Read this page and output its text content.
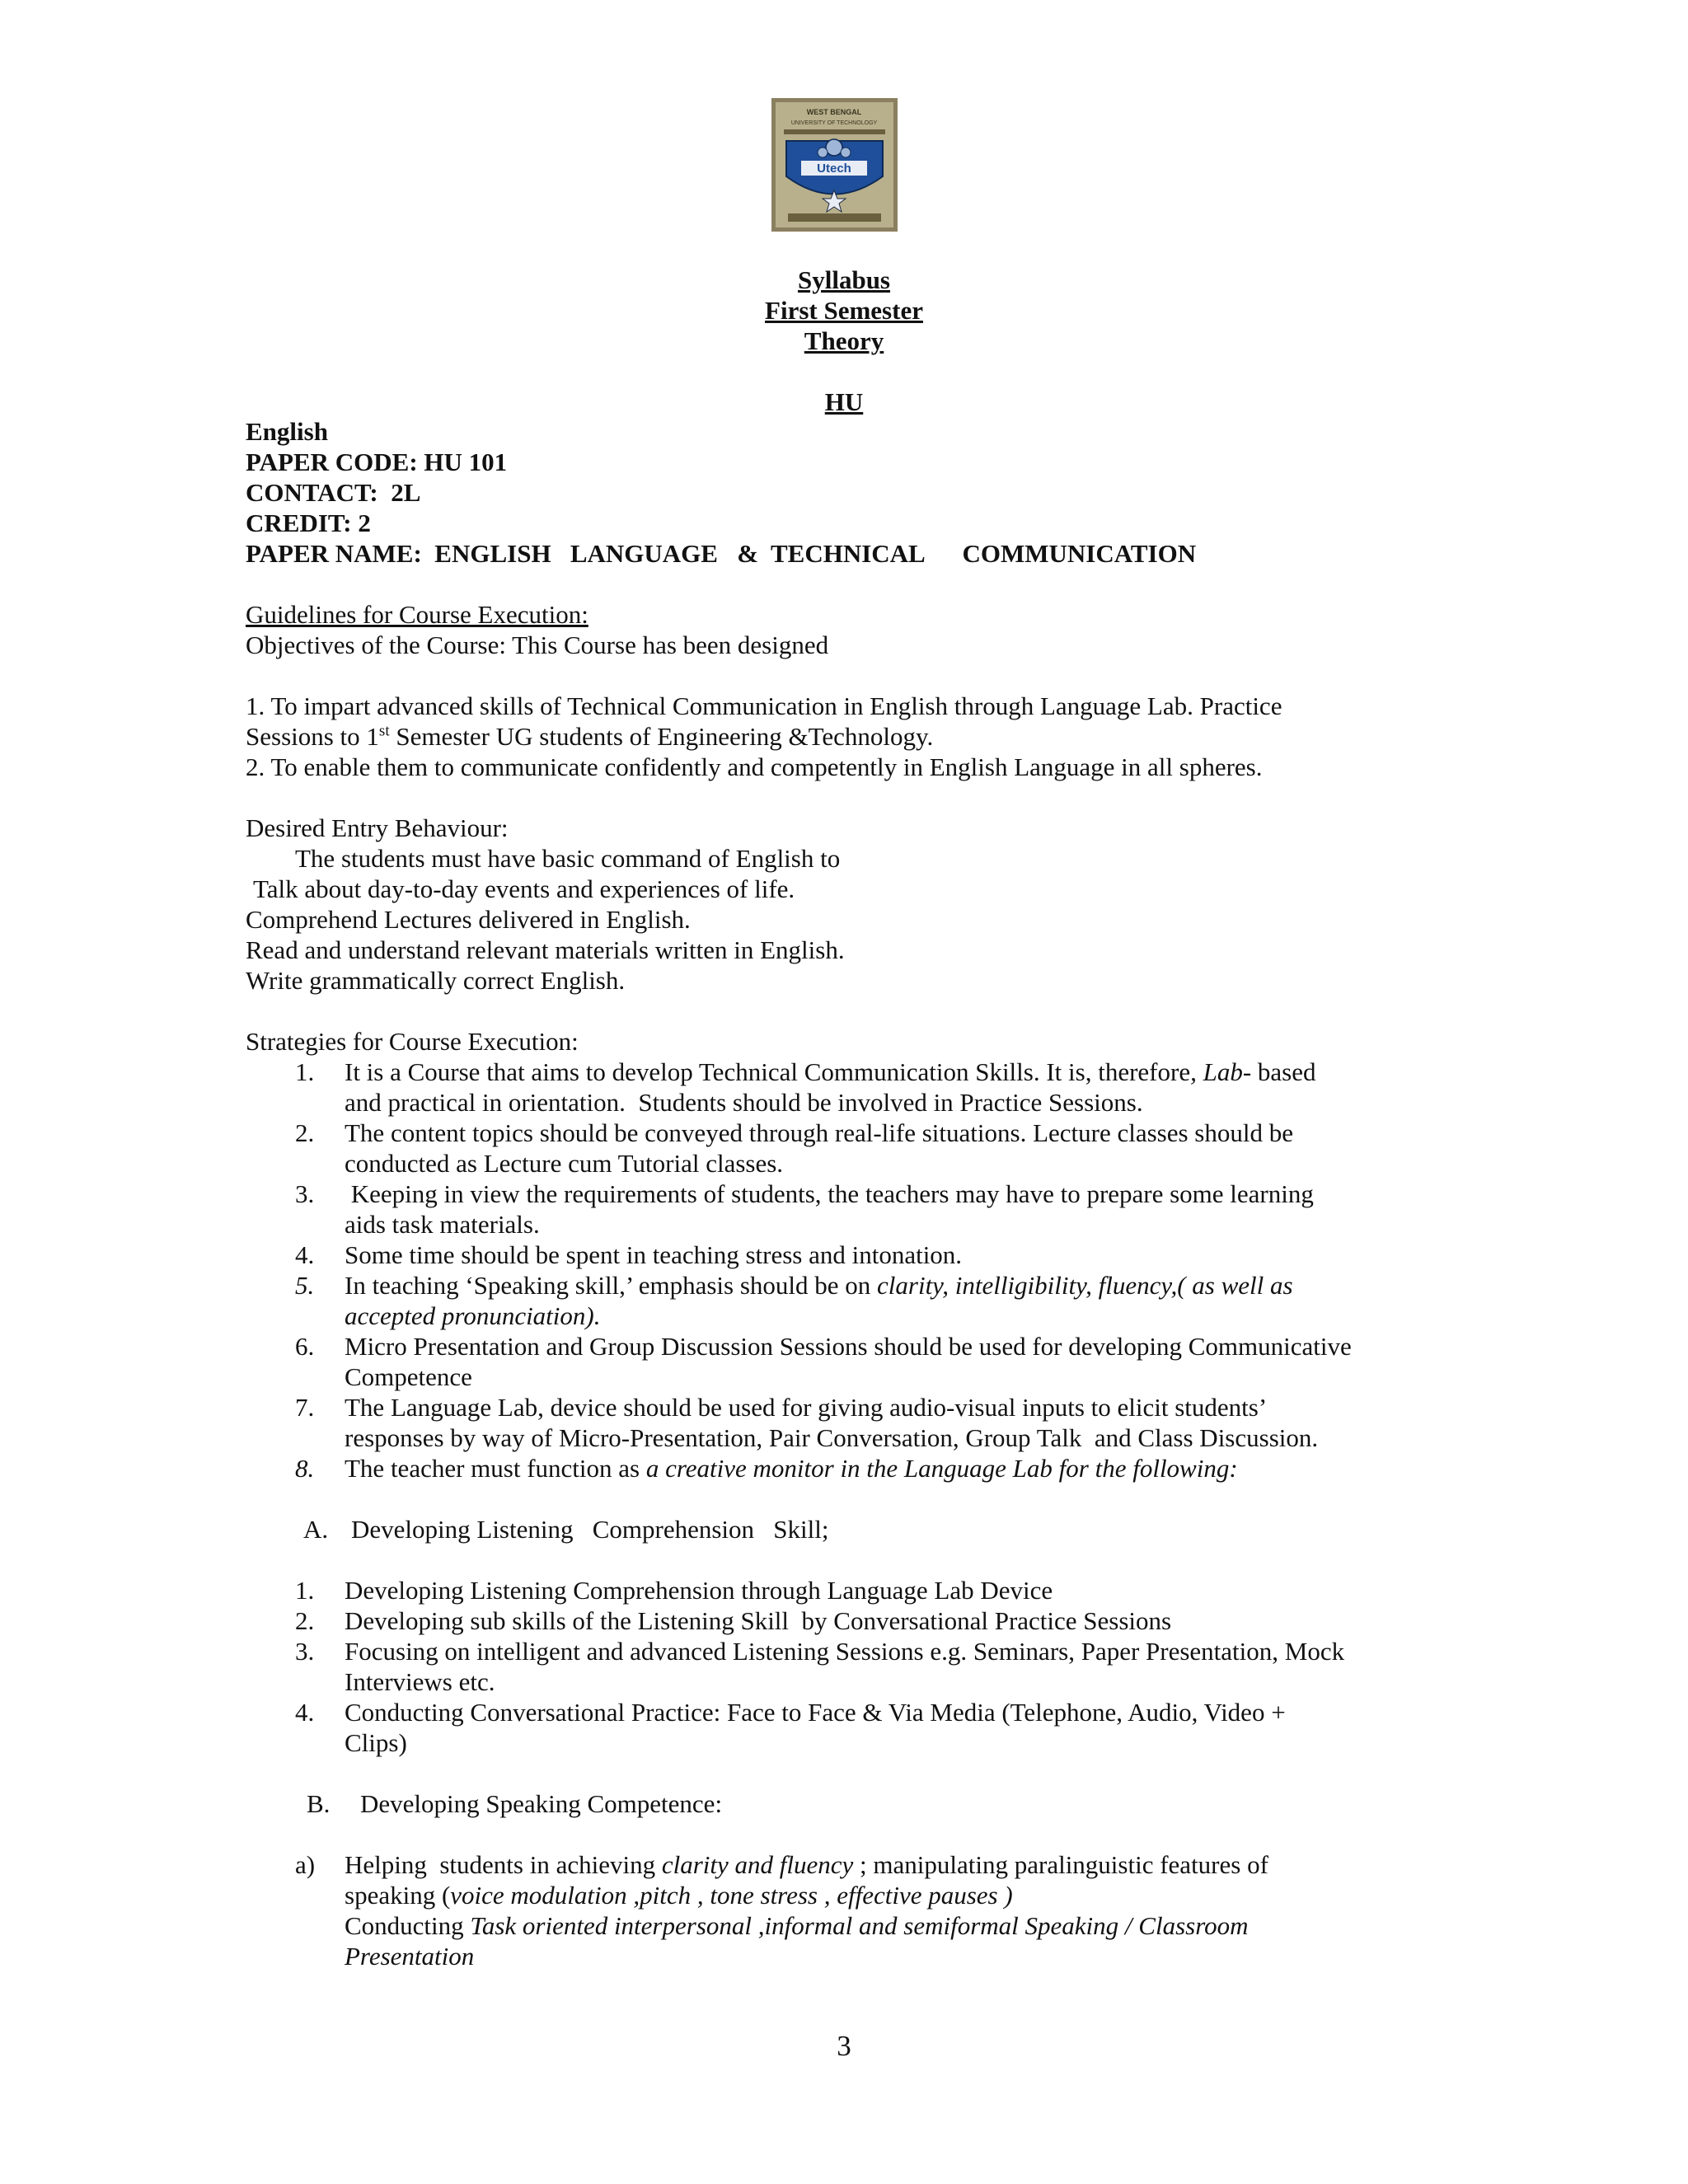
WEST BENGAL
UNIVERSITY OF TECHNOLOGY
Utech
Syllabus
First Semester
Theory
HU
English
PAPER CODE: HU 101
CONTACT:  2L
CREDIT: 2
PAPER NAME:  ENGLISH   LANGUAGE   &  TECHNICAL      COMMUNICATION
Guidelines for Course Execution:
Objectives of the Course: This Course has been designed
1. To impart advanced skills of Technical Communication in English through Language Lab. Practice
Sessions to 1st Semester UG students of Engineering &Technology.
2. To enable them to communicate confidently and competently in English Language in all spheres.
Desired Entry Behaviour:
The students must have basic command of English to
Talk about day-to-day events and experiences of life.
Comprehend Lectures delivered in English.
Read and understand relevant materials written in English.
Write grammatically correct English.
Strategies for Course Execution:
1. It is a Course that aims to develop Technical Communication Skills. It is, therefore, Lab- based
and practical in orientation.  Students should be involved in Practice Sessions.
2. The content topics should be conveyed through real-life situations. Lecture classes should be
conducted as Lecture cum Tutorial classes.
3. Keeping in view the requirements of students, the teachers may have to prepare some learning
aids task materials.
4. Some time should be spent in teaching stress and intonation.
5. In teaching ‘Speaking skill,’ emphasis should be on clarity, intelligibility, fluency,( as well as
accepted pronunciation).
6. Micro Presentation and Group Discussion Sessions should be used for developing Communicative
Competence
7. The Language Lab, device should be used for giving audio-visual inputs to elicit students’
responses by way of Micro-Presentation, Pair Conversation, Group Talk  and Class Discussion.
8. The teacher must function as a creative monitor in the Language Lab for the following:
A. Developing Listening   Comprehension   Skill;
1. Developing Listening Comprehension through Language Lab Device
2. Developing sub skills of the Listening Skill  by Conversational Practice Sessions
3. Focusing on intelligent and advanced Listening Sessions e.g. Seminars, Paper Presentation, Mock
Interviews etc.
4. Conducting Conversational Practice: Face to Face & Via Media (Telephone, Audio, Video +
Clips)
B. Developing Speaking Competence:
a) Helping  students in achieving clarity and fluency ; manipulating paralinguistic features of
speaking (voice modulation ,pitch , tone stress , effective pauses )
Conducting Task oriented interpersonal ,informal and semiformal Speaking / Classroom
Presentation
3
